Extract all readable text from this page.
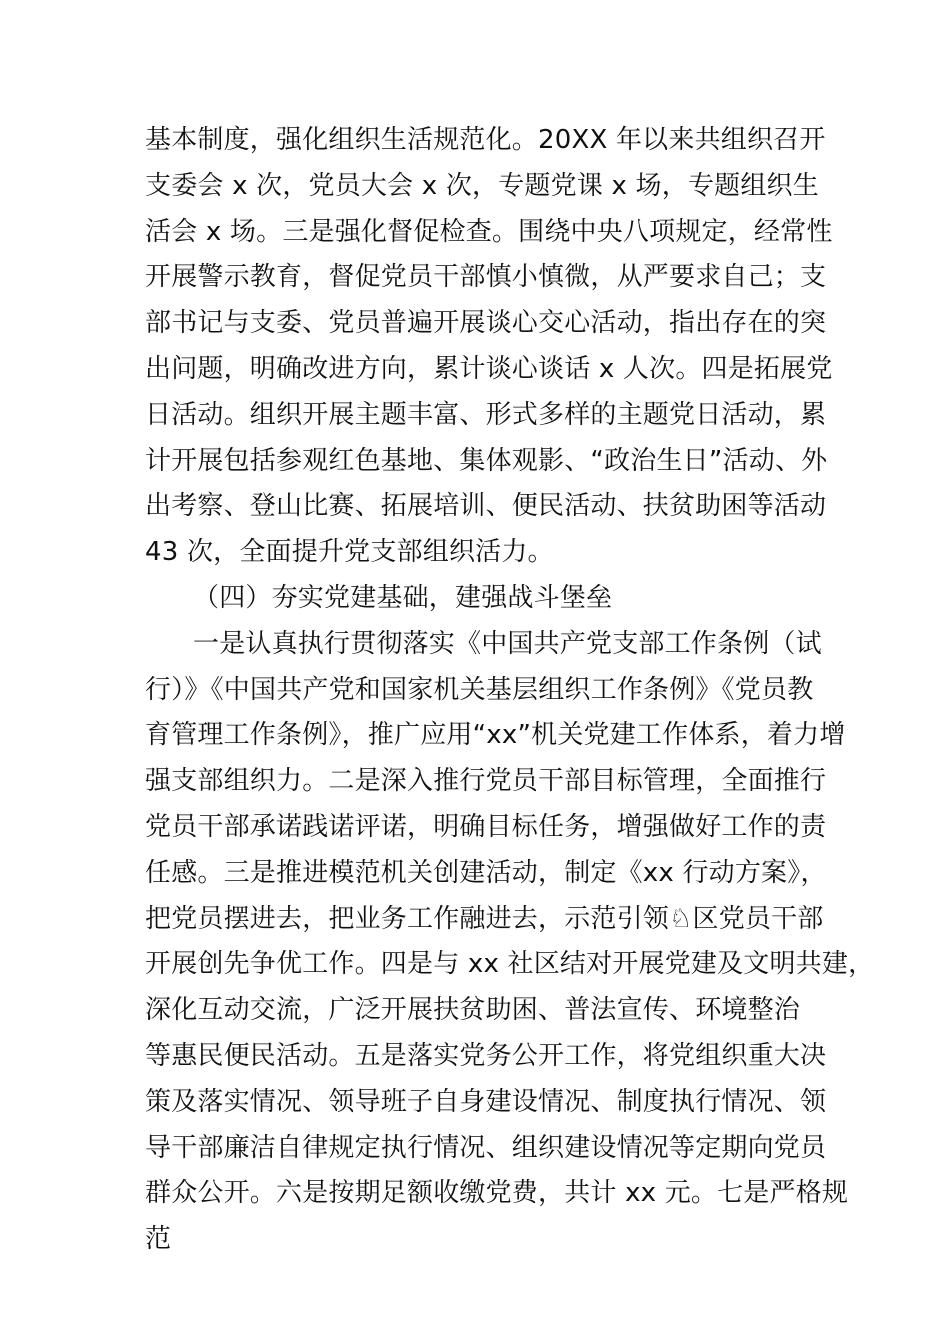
基本制度，强化组织生活规范化。20XX 年以来共组织召开
支委会 x 次，党员大会 x 次，专题党课 x 场，专题组织生
活会 x 场。三是强化督促检查。围绕中央八项规定，经常性
开展警示教育，督促党员干部慎小慎微，从严要求自己；支
部书记与支委、党员普遍开展谈心交心活动，指出存在的突
出问题，明确改进方向，累计谈心谈话 x 人次。四是拓展党
日活动。组织开展主题丰富、形式多样的主题党日活动，累
计开展包括参观红色基地、集体观影、“政治生日”活动、外
出考察、登山比赛、拓展培训、便民活动、扶贫助困等活动
43 次，全面提升党支部组织活力。
（四）夯实党建基础，建强战斗堡垒
一是认真执行贯彻落实《中国共产党支部工作条例（试
行）》《中国共产党和国家机关基层组织工作条例》《党员教
育管理工作条例》，推广应用“xx”机关党建工作体系，着力增
强支部组织力。二是深入推行党员干部目标管理，全面推行
党员干部承诺践诺评诺，明确目标任务，增强做好工作的责
任感。三是推进模范机关创建活动，制定《xx 行动方案》，
把党员摆进去，把业务工作融进去，示范引领♘区党员干部
开展创先争优工作。四是与 xx 社区结对开展党建及文明共建，
深化互动交流，广泛开展扶贫助困、普法宣传、环境整治
等惠民便民活动。五是落实党务公开工作，将党组织重大决
策及落实情况、领导班子自身建设情况、制度执行情况、领
导干部廉洁自律规定执行情况、组织建设情况等定期向党员
群众公开。六是按期足额收缴党费，共计 xx 元。七是严格规
范
